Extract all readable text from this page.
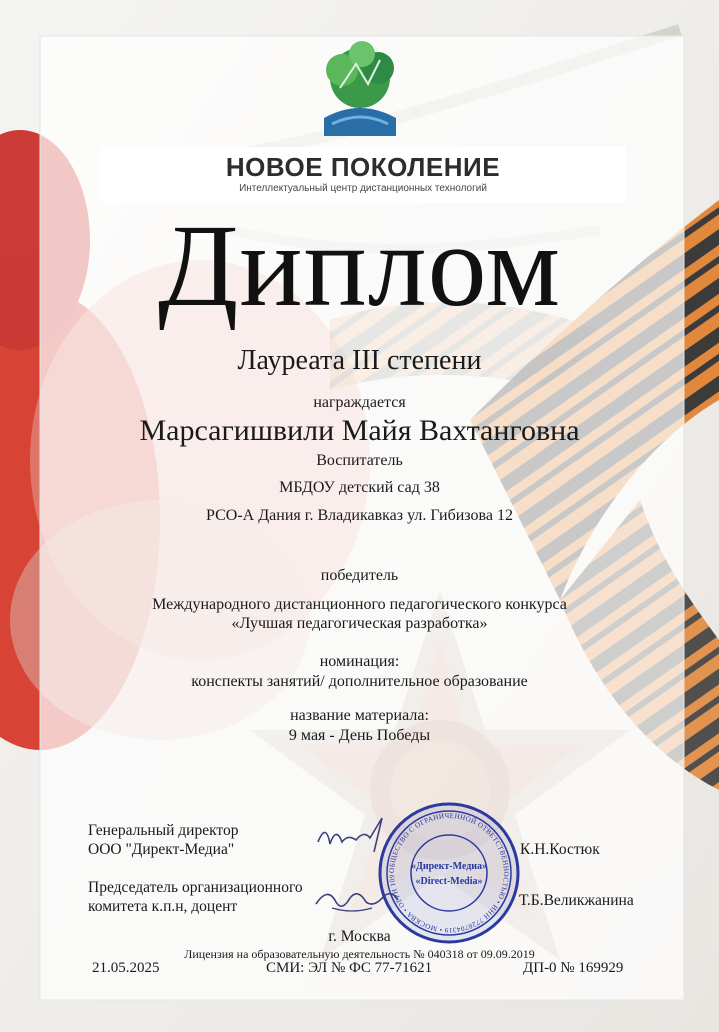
НОВОЕ ПОКОЛЕНИЕ
Интеллектуальный центр дистанционных технологий
Диплом
Лауреата III степени
награждается
Марсагишвили Майя Вахтанговна
Воспитатель
МБДОУ детский сад 38
РСО-А Дания г. Владикавказ ул. Гибизова 12
победитель
Международного дистанционного педагогического конкурса
«Лучшая педагогическая разработка»
номинация:
конспекты занятий/ дополнительное образование
название материала:
9 мая - День Победы
Генеральный директор
ООО "Директ-Медиа"
Председатель организационного
комитета к.п.н, доцент
К.Н.Костюк
Т.Б.Великжанина
ОБЩЕСТВО С ОГРАНИЧЕННОЙ ОТВЕТСТВЕННОСТЬЮ • ИНН 7728704319 • МОСКВА • ОГРН 109
«Директ-Медиа»
«Direct-Media»
г. Москва
Лицензия на образовательную деятельность № 040318 от 09.09.2019
21.05.2025	СМИ: ЭЛ № ФС 77-71621	ДП-0 № 169929
